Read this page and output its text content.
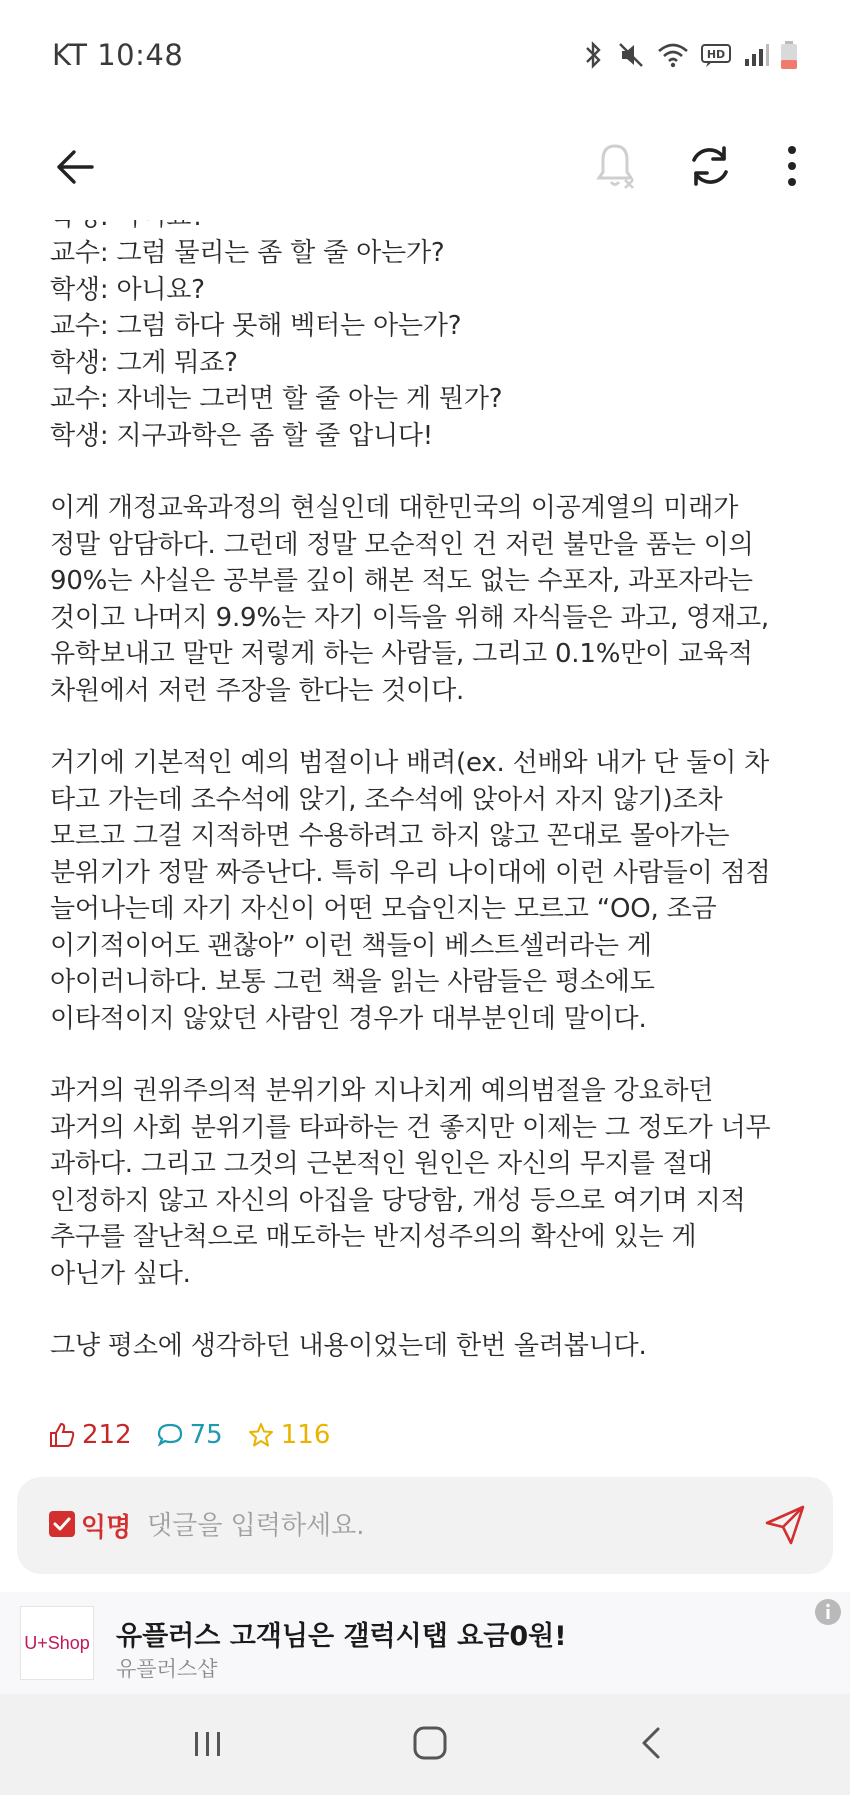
KT 10:48	HD
교수: 그럼 물리는 좀 할 줄 아는가?
학생: 아니요?
교수: 그럼 하다 못해 벡터는 아는가?
학생: 그게 뭐죠?
교수: 자네는 그러면 할 줄 아는 게 뭔가?
학생: 지구과학은 좀 할 줄 압니다!
이게 개정교육과정의 현실인데 대한민국의 이공계열의 미래가
정말 암담하다. 그런데 정말 모순적인 건 저런 불만을 품는 이의
90%는 사실은 공부를 깊이 해본 적도 없는 수포자, 과포자라는
것이고 나머지 9.9%는 자기 이득을 위해 자식들은 과고, 영재고,
유학보내고 말만 저렇게 하는 사람들, 그리고 0.1%만이 교육적
차원에서 저런 주장을 한다는 것이다.
거기에 기본적인 예의 범절이나 배려(ex. 선배와 내가 단 둘이 차
타고 가는데 조수석에 앉기, 조수석에 앉아서 자지 않기)조차
모르고 그걸 지적하면 수용하려고 하지 않고 꼰대로 몰아가는
분위기가 정말 짜증난다. 특히 우리 나이대에 이런 사람들이 점점
늘어나는데 자기 자신이 어떤 모습인지는 모르고 “OO, 조금
이기적이어도 괜찮아” 이런 책들이 베스트셀러라는 게
아이러니하다. 보통 그런 책을 읽는 사람들은 평소에도
이타적이지 않았던 사람인 경우가 대부분인데 말이다.
과거의 권위주의적 분위기와 지나치게 예의범절을 강요하던
과거의 사회 분위기를 타파하는 건 좋지만 이제는 그 정도가 너무
과하다. 그리고 그것의 근본적인 원인은 자신의 무지를 절대
인정하지 않고 자신의 아집을 당당함, 개성 등으로 여기며 지적
추구를 잘난척으로 매도하는 반지성주의의 확산에 있는 게
아닌가 싶다.
그냥 평소에 생각하던 내용이었는데 한번 올려봅니다.
212 75 116
익명
댓글을 입력하세요.
U+Shop 유플러스 고객님은 갤럭시탭 요금0원!
유플러스샵
